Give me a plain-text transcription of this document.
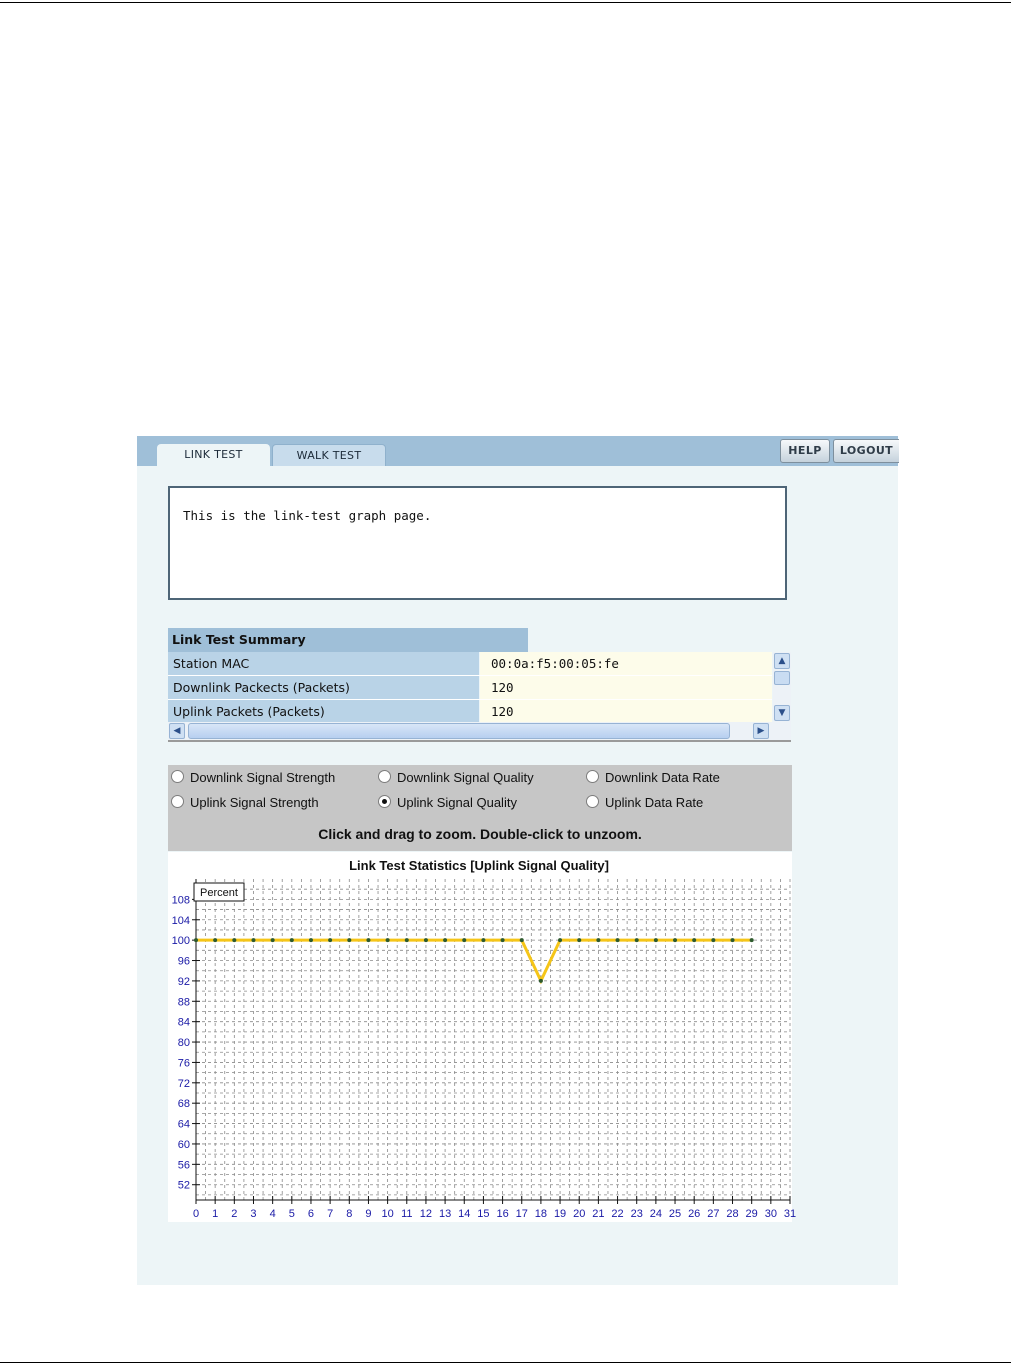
LINK TEST	WALK TEST	HELP	LOGOUT
This is the link-test graph page.
Link Test Summary
Station MAC	00:0a:f5:00:05:fe
Downlink Packects (Packets)	120
Uplink Packets (Packets)	120
▲
▼
◀	▶
Downlink Signal Strength	Downlink Signal Quality	Downlink Data Rate
Uplink Signal Strength	Uplink Signal Quality	Uplink Data Rate
Click and drag to zoom. Double-click to unzoom.
Link Test Statistics [Uplink Signal Quality]
52
56
60
64
68
72
76
80
84
88
92
96
100
104
108
0 1 2 3 4 5 6 7 8 9 10 11 12 13 14 15 16 17 18 19 20 21 22 23 24 25 26 27 28 29 30 31
Percent
